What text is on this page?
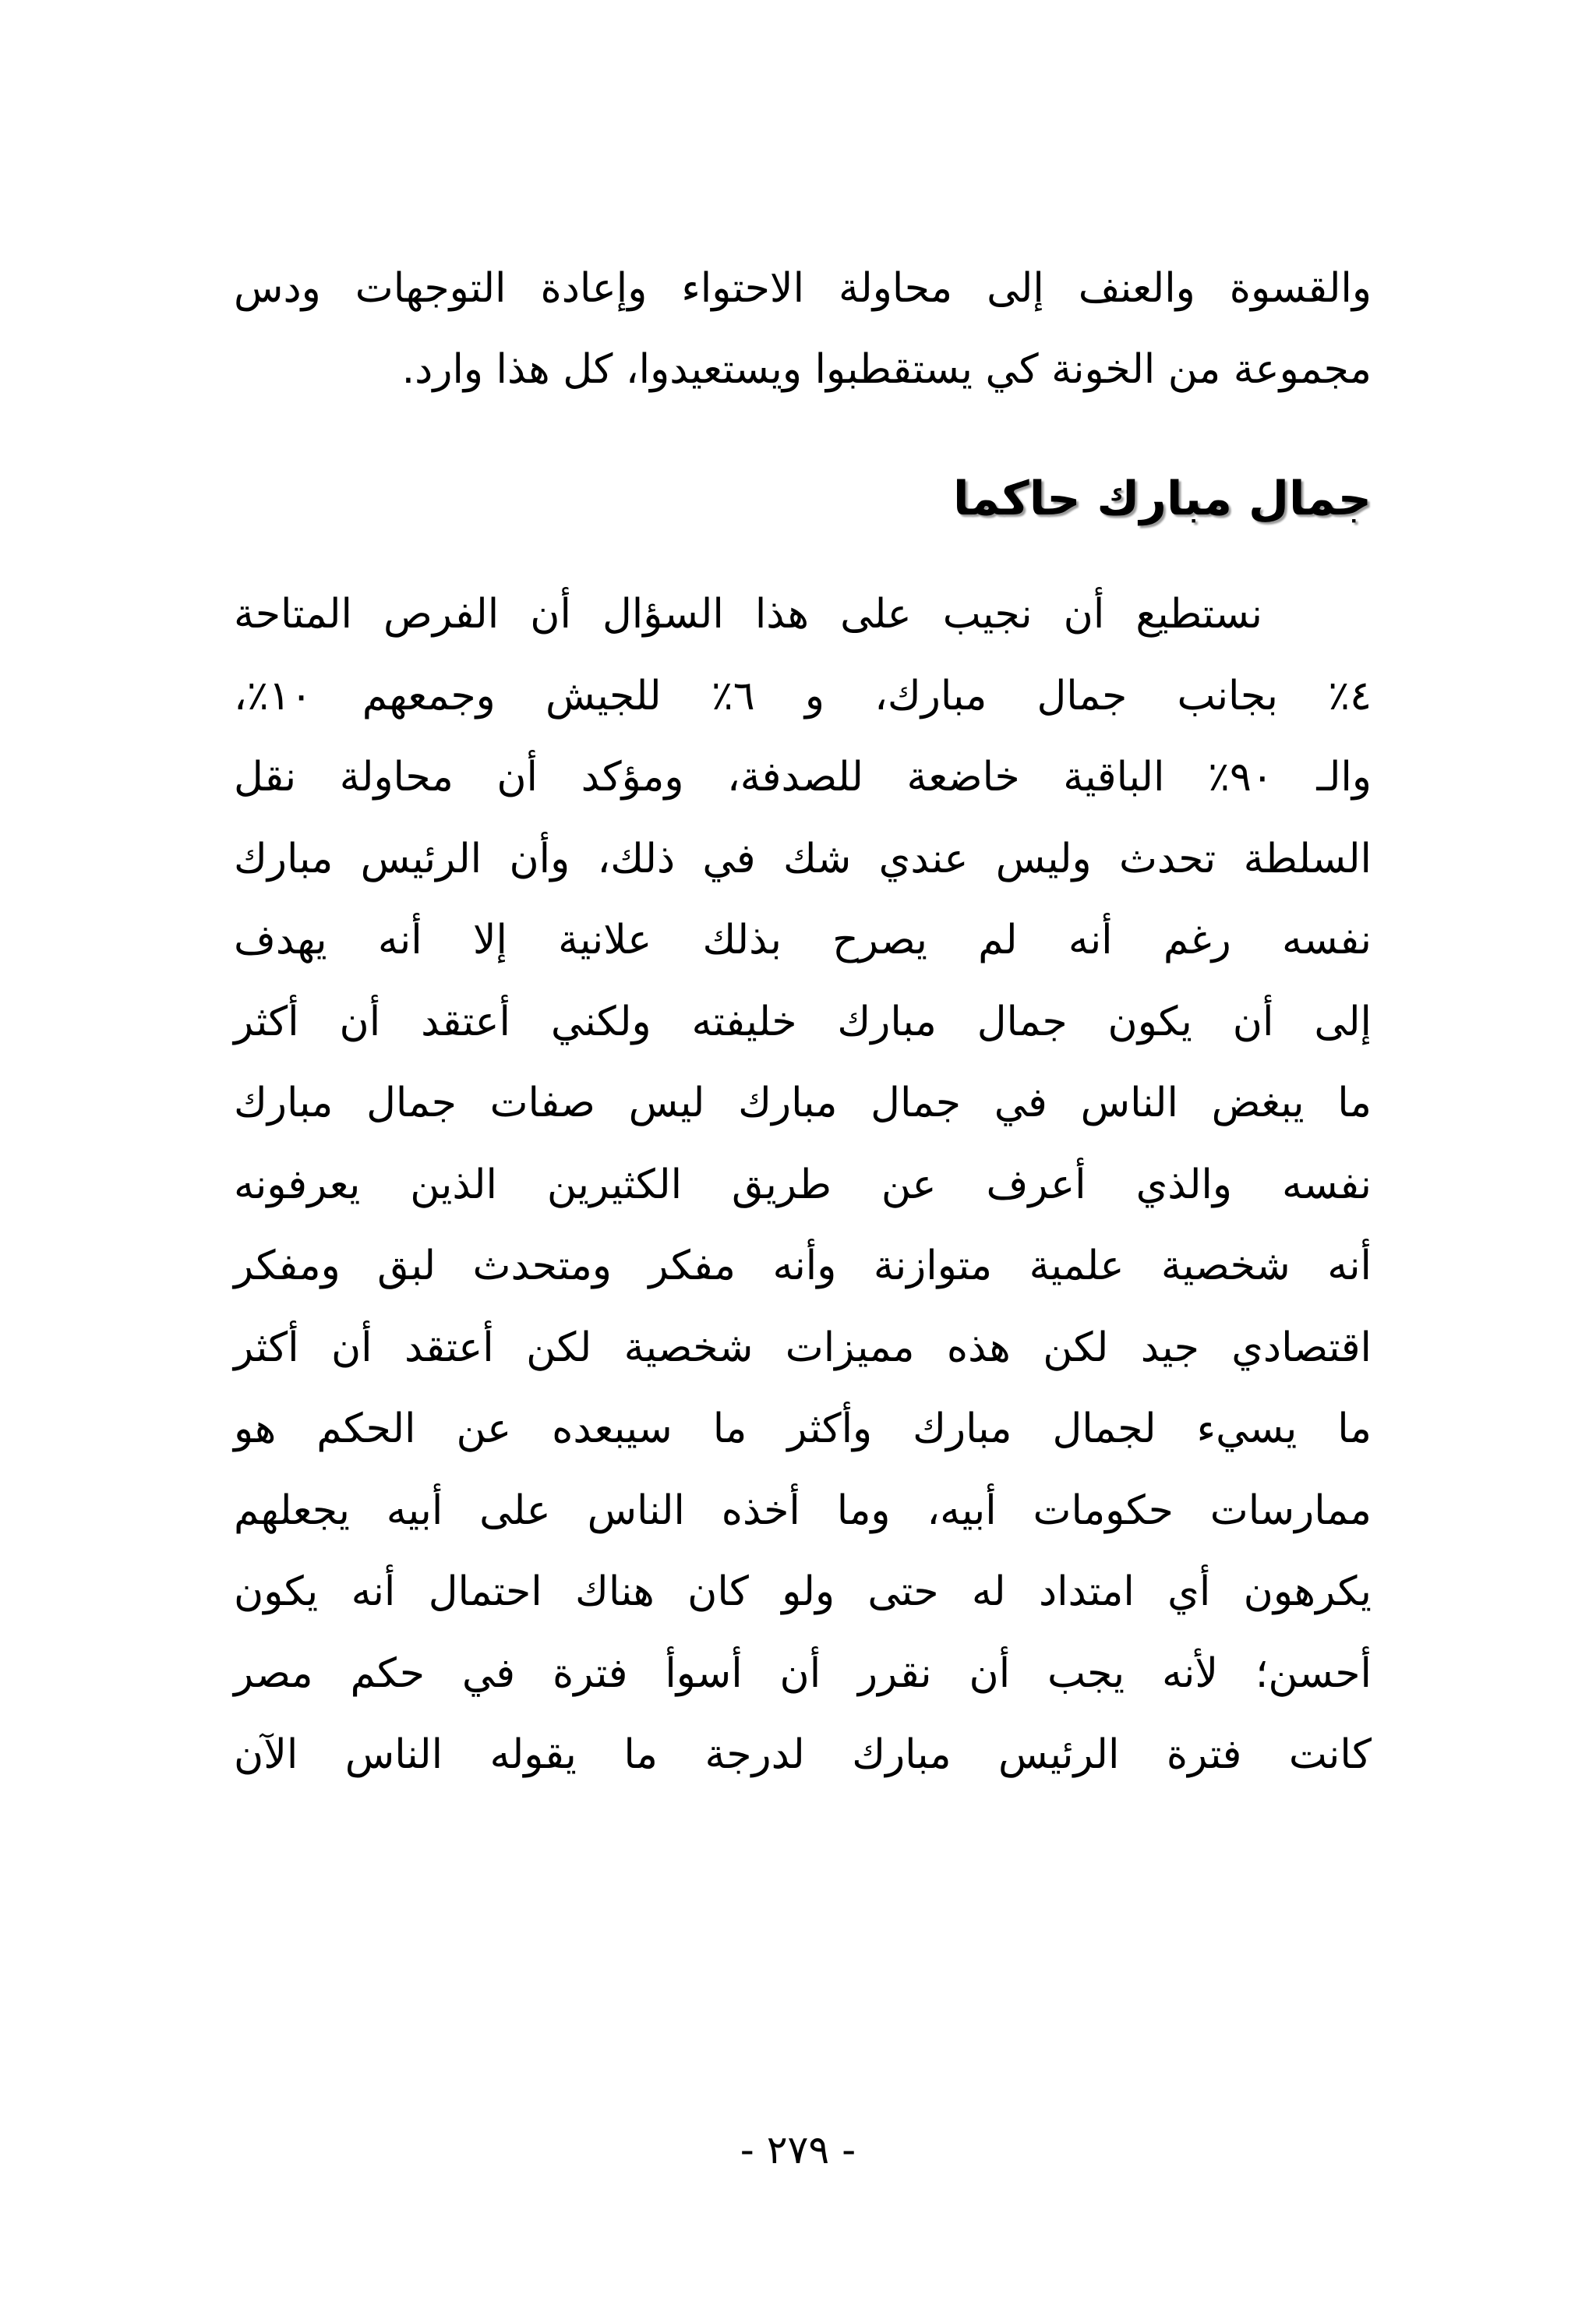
والقسوة والعنف إلى محاولة الاحتواء وإعادة التوجهات ودس
مجموعة من الخونة كي يستقطبوا ويستعيدوا، كل هذا وارد.
جمال مبارك حاكما
نستطيع أن نجيب على هذا السؤال أن الفرص المتاحة
٤٪ بجانب جمال مبارك، و ٦٪ للجيش وجمعهم ١٠٪،
والـ ٩٠٪ الباقية خاضعة للصدفة، ومؤكد أن محاولة نقل
السلطة تحدث وليس عندي شك في ذلك، وأن الرئيس مبارك
نفسه رغم أنه لم يصرح بذلك علانية إلا أنه يهدف
إلى أن يكون جمال مبارك خليفته ولكني أعتقد أن أكثر
ما يبغض الناس في جمال مبارك ليس صفات جمال مبارك
نفسه والذي أعرف عن طريق الكثيرين الذين يعرفونه
أنه شخصية علمية متوازنة وأنه مفكر ومتحدث لبق ومفكر
اقتصادي جيد لكن هذه مميزات شخصية لكن أعتقد أن أكثر
ما يسيء لجمال مبارك وأكثر ما سيبعده عن الحكم هو
ممارسات حكومات أبيه، وما أخذه الناس على أبيه يجعلهم
يكرهون أي امتداد له حتى ولو كان هناك احتمال أنه يكون
أحسن؛ لأنه يجب أن نقرر أن أسوأ فترة في حكم مصر
كانت فترة الرئيس مبارك لدرجة ما يقوله الناس الآن
- ٢٧٩ -
